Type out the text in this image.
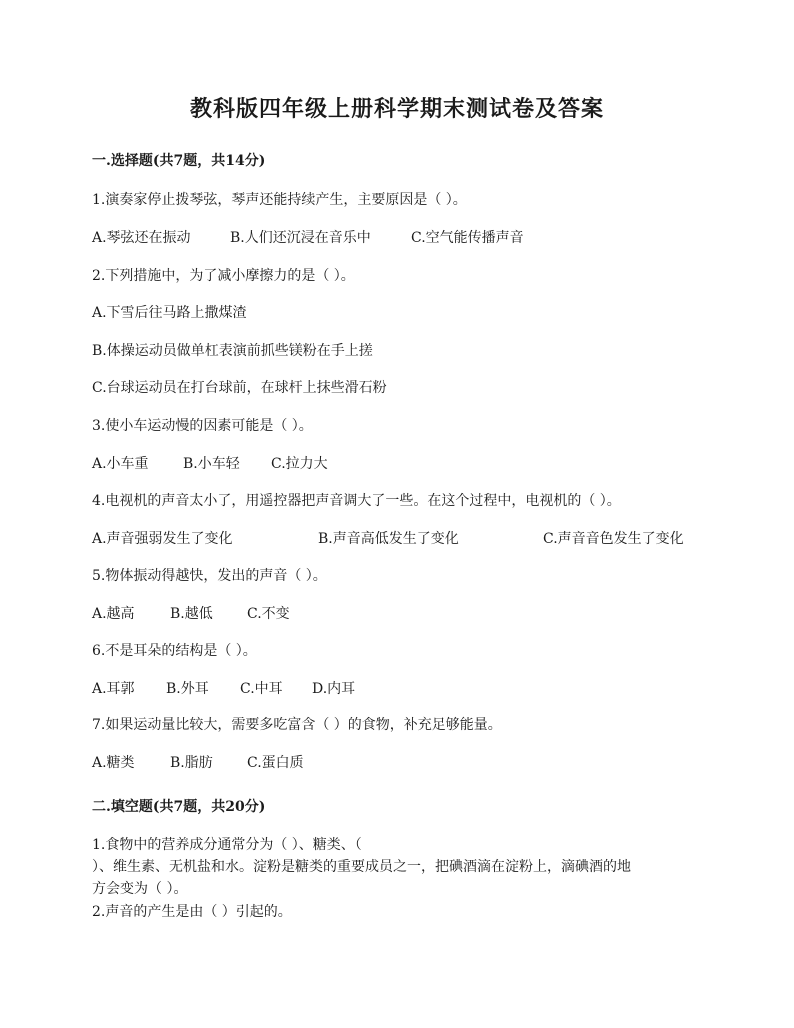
教科版四年级上册科学期末测试卷及答案
一.选择题(共7题，共14分)
1.演奏家停止拨琴弦，琴声还能持续产生，主要原因是（ ）。
A.琴弦还在振动	B.人们还沉浸在音乐中	C.空气能传播声音
2.下列措施中，为了减小摩擦力的是（ ）。
A.下雪后往马路上撒煤渣
B.体操运动员做单杠表演前抓些镁粉在手上搓
C.台球运动员在打台球前，在球杆上抹些滑石粉
3.使小车运动慢的因素可能是（ ）。
A.小车重 B.小车轻 C.拉力大
4.电视机的声音太小了，用遥控器把声音调大了一些。在这个过程中，电视机的（ ）。
A.声音强弱发生了变化	B.声音高低发生了变化	C.声音音色发生了变化
5.物体振动得越快，发出的声音（ ）。
A.越高	B.越低 C.不变
6.不是耳朵的结构是（ ）。
A.耳郭 B.外耳 C.中耳 D.内耳
7.如果运动量比较大，需要多吃富含（ ）的食物，补充足够能量。
A.糖类	B.脂肪 C.蛋白质
二.填空题(共7题，共20分)
1.食物中的营养成分通常分为（ ）、糖类、（
）、维生素、无机盐和水。淀粉是糖类的重要成员之一，把碘酒滴在淀粉上，滴碘酒的地
方会变为（ ）。
2.声音的产生是由（ ）引起的。
